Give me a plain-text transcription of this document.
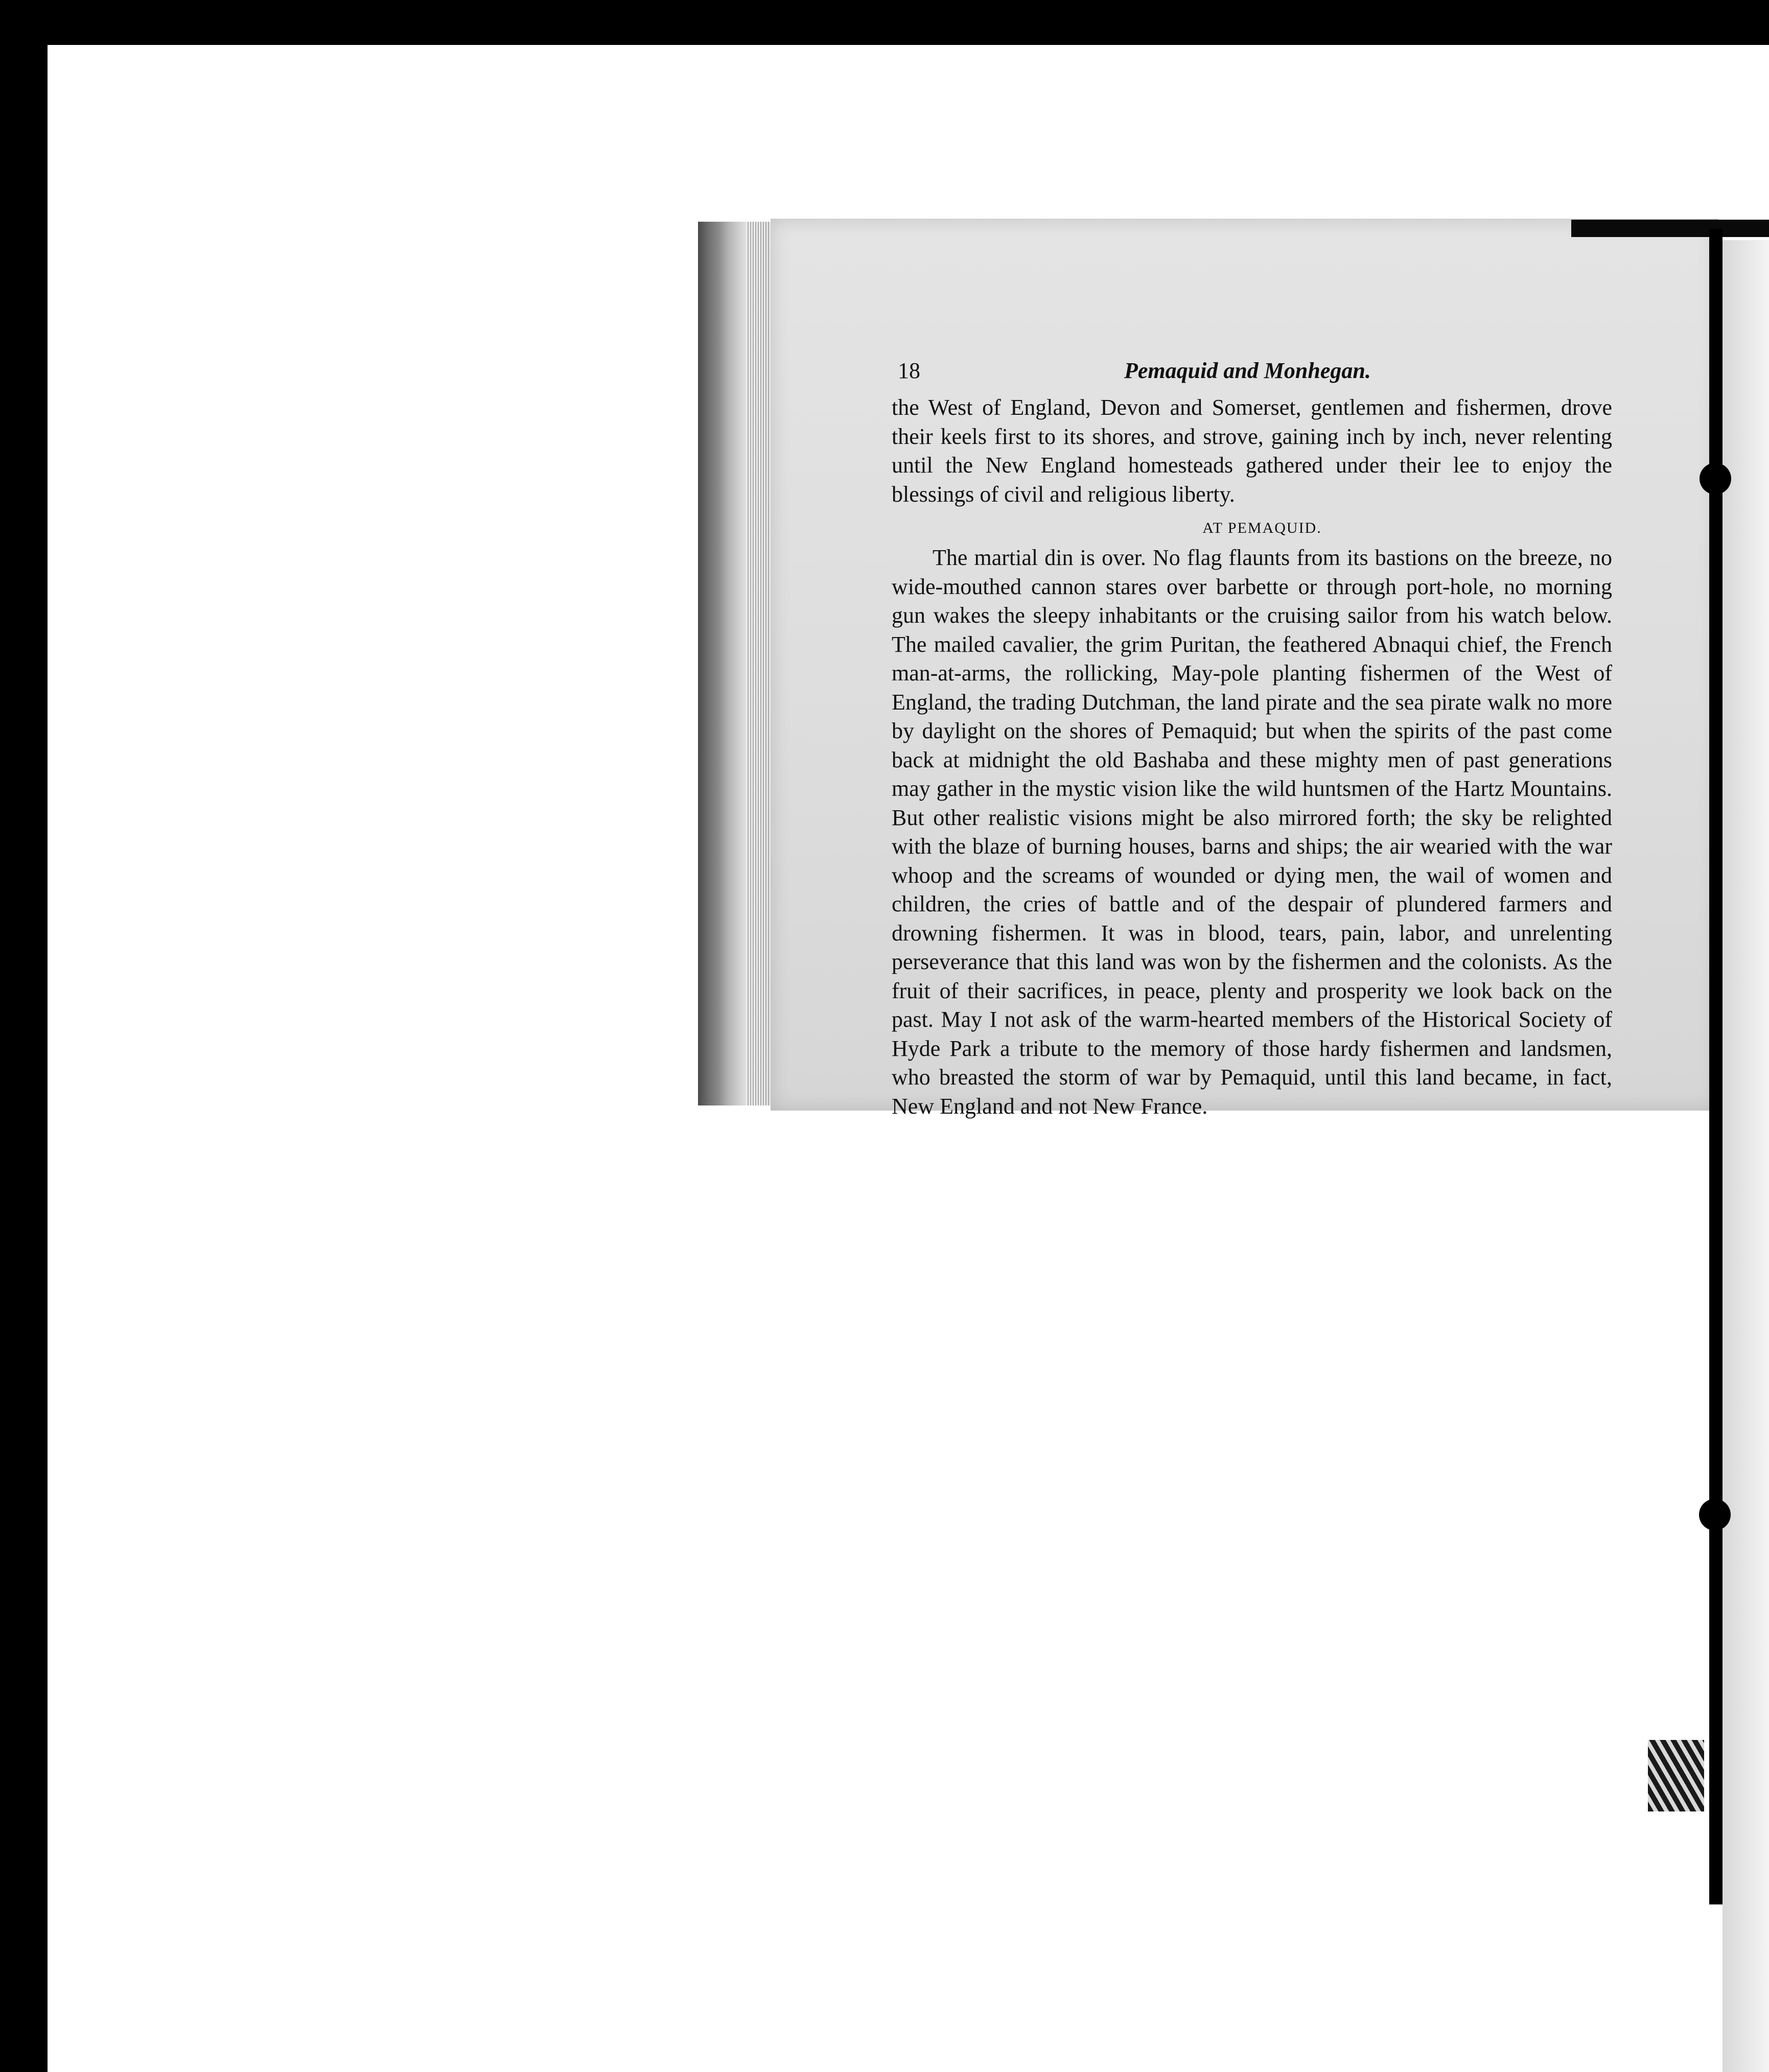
18	Pemaquid and Monhegan.

the West of England, Devon and Somerset, gentlemen and fishermen, drove their keels first to its shores, and strove, gaining inch by inch, never relenting until the New England homesteads gathered under their lee to enjoy the blessings of civil and religious liberty.

AT PEMAQUID.

The martial din is over. No flag flaunts from its bastions on the breeze, no wide-mouthed cannon stares over barbette or through port-hole, no morning gun wakes the sleepy inhabitants or the cruising sailor from his watch below. The mailed cavalier, the grim Puritan, the feathered Abnaqui chief, the French man-at-arms, the rollicking, May-pole planting fishermen of the West of England, the trading Dutchman, the land pirate and the sea pirate walk no more by daylight on the shores of Pemaquid; but when the spirits of the past come back at midnight the old Bashaba and these mighty men of past generations may gather in the mystic vision like the wild huntsmen of the Hartz Mountains. But other realistic visions might be also mirrored forth; the sky be relighted with the blaze of burning houses, barns and ships; the air wearied with the war whoop and the screams of wounded or dying men, the wail of women and children, the cries of battle and of the despair of plundered farmers and drowning fishermen. It was in blood, tears, pain, labor, and unrelenting perseverance that this land was won by the fishermen and the colonists. As the fruit of their sacrifices, in peace, plenty and prosperity we look back on the past. May I not ask of the warm-hearted members of the Historical Society of Hyde Park a tribute to the memory of those hardy fishermen and landsmen, who breasted the storm of war by Pemaquid, until this land became, in fact, New England and not New France.
